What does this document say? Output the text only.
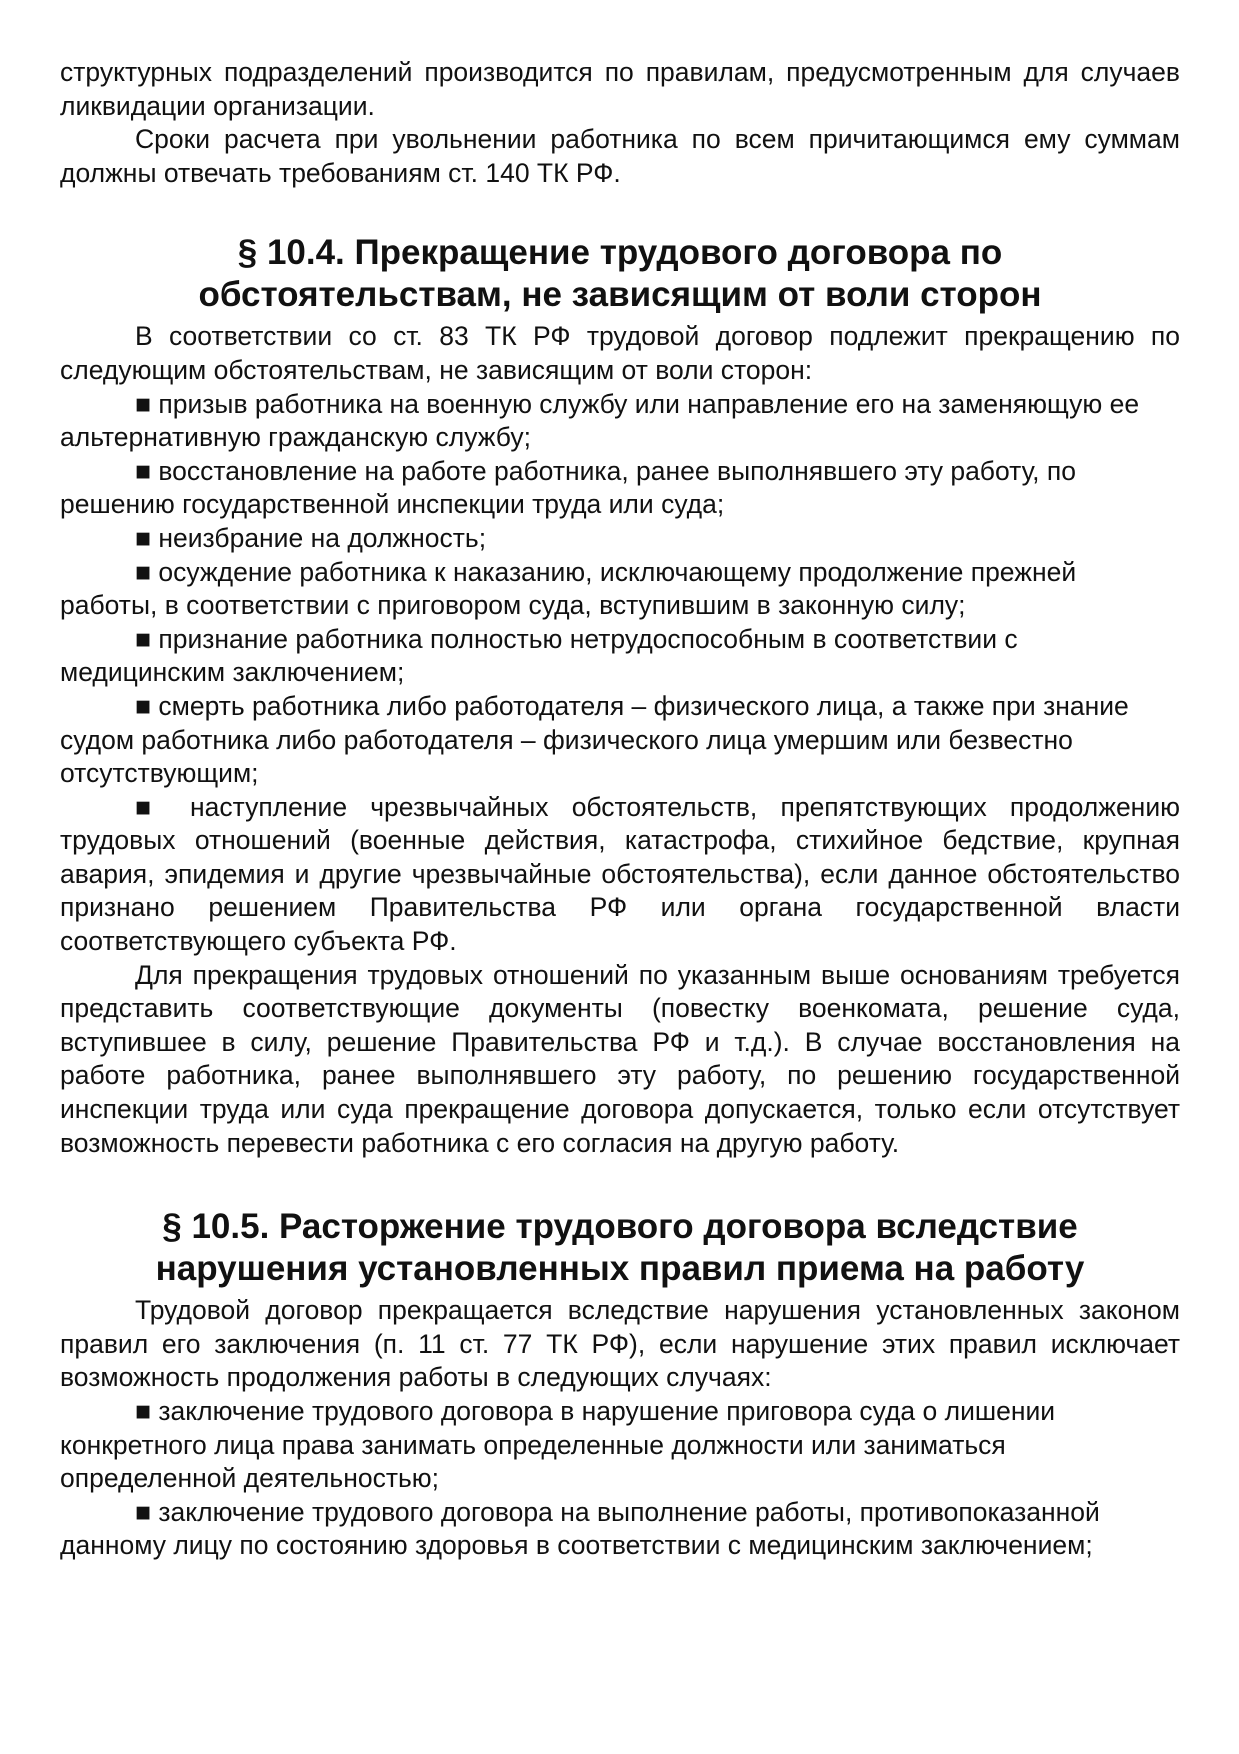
структурных подразделений производится по правилам, предусмотренным для случаев ликвидации организации.

Сроки расчета при увольнении работника по всем причитающимся ему суммам должны отвечать требованиям ст. 140 ТК РФ.

§ 10.4. Прекращение трудового договора по
обстоятельствам, не зависящим от воли сторон

В соответствии со ст. 83 ТК РФ трудовой договор подлежит прекращению по следующим обстоятельствам, не зависящим от воли сторон:

■ призыв работника на военную службу или направление его на заменяющую ее альтернативную гражданскую службу;

■ восстановление на работе работника, ранее выполнявшего эту работу, по решению государственной инспекции труда или суда;

■ неизбрание на должность;

■ осуждение работника к наказанию, исключающему продолжение прежней работы, в соответствии с приговором суда, вступившим в законную силу;

■ признание работника полностью нетрудоспособным в соответствии с медицинским заключением;

■ смерть работника либо работодателя – физического лица, а также при знание судом работника либо работодателя – физического лица умершим или безвестно отсутствующим;

■ наступление чрезвычайных обстоятельств, препятствующих продолжению трудовых отношений (военные действия, катастрофа, стихийное бедствие, крупная авария, эпидемия и другие чрезвычайные обстоятельства), если данное обстоятельство признано решением Правительства РФ или органа государственной власти соответствующего субъекта РФ.

Для прекращения трудовых отношений по указанным выше основаниям требуется представить соответствующие документы (повестку военкомата, решение суда, вступившее в силу, решение Правительства РФ и т.д.). В случае восстановления на работе работника, ранее выполнявшего эту работу, по решению государственной инспекции труда или суда прекращение договора допускается, только если отсутствует возможность перевести работника с его согласия на другую работу.

§ 10.5. Расторжение трудового договора вследствие
нарушения установленных правил приема на работу

Трудовой договор прекращается вследствие нарушения установленных законом правил его заключения (п. 11 ст. 77 ТК РФ), если нарушение этих правил исключает возможность продолжения работы в следующих случаях:

■ заключение трудового договора в нарушение приговора суда о лишении конкретного лица права занимать определенные должности или заниматься определенной деятельностью;

■ заключение трудового договора на выполнение работы, противопоказанной данному лицу по состоянию здоровья в соответствии с медицинским заключением;
